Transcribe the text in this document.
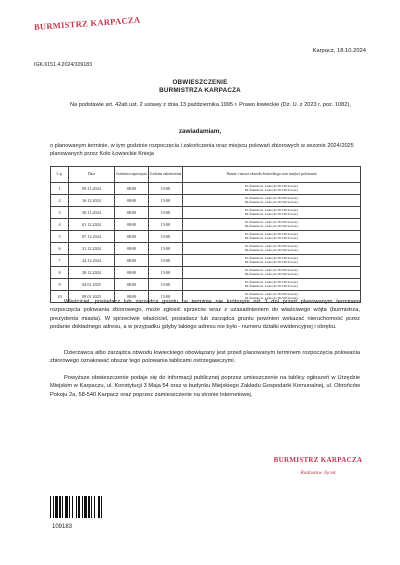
BURMISTRZ KARPACZA
Karpacz, 18.10.2024
IGK.6151.4.2024/109183
OBWIESZCZENIE
BURMISTRZA KARPACZA
Na podstawie art. 42ab ust. 2 ustawy z dnia 13 października 1995 r. Prawo łowieckie (Dz. U. z 2023 r. poz. 1082),
zawiadamiam,
o planowanym terminie, w tym godzinie rozpoczęcia i zakończenia oraz miejscu polowań zbiorowych w sezonie 2024/2025 planowanych przez Koło Łowieckie Knieja
L.p.	Data	Godzina rozpoczęcia	Godzina zakończenia	Numer i nazwa obwodu łowieckiego oraz miejsce polowania
1	09.11.2024	08:00	15:00	81-Śnieżka ul. Leśna 4a 58-530 Kowary
84-Śnieżka ul. Leśna 4a 58-530 Kowary

2	16.11.2024	08:00	15:00	81-Śnieżka ul. Leśna 4a 58-530 Kowary
84-Śnieżka ul. Leśna 4a 58-530 Kowary

3	30.11.2024	08:00	15:00	81-Śnieżka ul. Leśna 4a 58-530 Kowary
84-Śnieżka ul. Leśna 4a 58-530 Kowary

4	01.12.2024	08:00	15:00	81-Śnieżka ul. Leśna 4a 58-530 Kowary
84-Śnieżka ul. Leśna 4a 58-530 Kowary

5	07.12.2024	08:00	15:00	81-Śnieżka ul. Leśna 4a 58-530 Kowary
84-Śnieżka ul. Leśna 4a 58-530 Kowary

6	21.12.2024	08:00	15:00	81-Śnieżka ul. Leśna 4a 58-530 Kowary
84-Śnieżka ul. Leśna 4a 58-530 Kowary

7	24.12.2024	08:00	15:00	81-Śnieżka ul. Leśna 4a 58-530 Kowary
84-Śnieżka ul. Leśna 4a 58-530 Kowary

8	28.12.2024	08:00	15:00	81-Śnieżka ul. Leśna 4a 58-530 Kowary
84-Śnieżka ul. Leśna 4a 58-530 Kowary

9	04.01.2025	08:00	15:00	81-Śnieżka ul. Leśna 4a 58-530 Kowary
84-Śnieżka ul. Leśna 4a 58-530 Kowary

10	09.01.2025	08:00	15:00	81-Śnieżka ul. Leśna 4a 58-530 Kowary
84-Śnieżka ul. Leśna 4a 58-530 Kowary
Właściciel, posiadacz lub zarządca gruntu, w terminie nie krótszym niż 3 dni przed planowanym terminem rozpoczęcia polowania zbiorowego, może zgłosić sprzeciw wraz z uzasadnieniem do właściwego wójta (burmistrza, prezydenta miasta). W sprzeciwie właściciel, posiadacz lub zarządca gruntu powinien wskazać nieruchomość przez podanie dokładnego adresu, a w przypadku gdyby takiego adresu nie było - numeru działki ewidencyjnej i obrębu.
Dzierżawca albo zarządca obwodu łowieckiego obowiązany jest przed planowanym terminem rozpoczęcia polowania zbiorowego oznakować obszar tego polowania tablicami ostrzegawczymi.
Powyższe obwieszczenie podaje się do informacji publicznej poprzez umieszczenie na tablicy ogłoszeń w Urzędzie Miejskim w Karpaczu, ul. Konstytucji 3 Maja 54 oraz w budynku Miejskiego Zakładu Gospodarki Komunalnej, ul. Obrońców Pokoju 2a, 58-540 Karpacz oraz poprzez zamieszczenie na stronie internetowej.
BURMISTRZ KARPACZA
Radosław Jęcek
109183
